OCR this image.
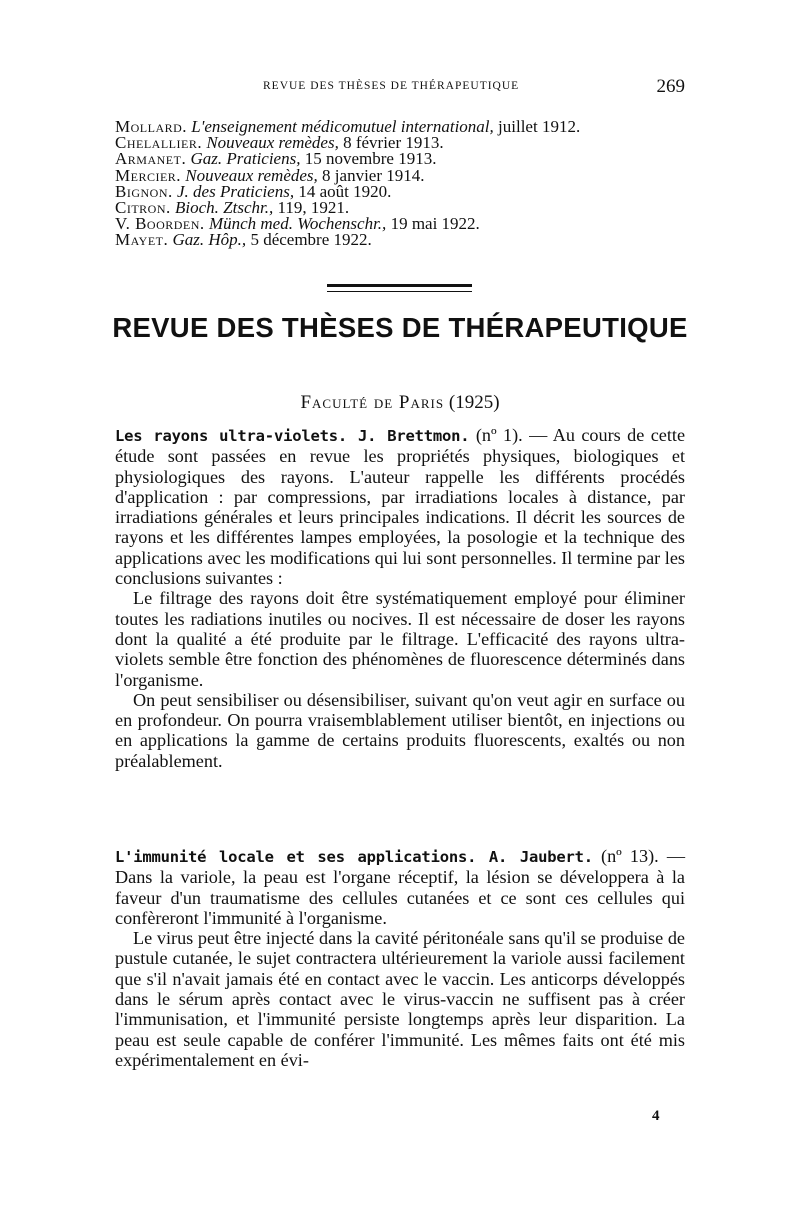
REVUE DES THÈSES DE THÉRAPEUTIQUE	269
Mollard. L'enseignement médicomutuel international, juillet 1912.
Chelallier. Nouveaux remèdes, 8 février 1913.
Armanet. Gaz. Praticiens, 15 novembre 1913.
Mercier. Nouveaux remèdes, 8 janvier 1914.
Bignon. J. des Praticiens, 14 août 1920.
Citron. Bioch. Ztschr., 119, 1921.
V. Boorden. Münch med. Wochenschr., 19 mai 1922.
Mayet. Gaz. Hôp., 5 décembre 1922.
REVUE DES THÈSES DE THÉRAPEUTIQUE
Faculté de Paris (1925)

Les rayons ultra-violets. J. Brettmon. (nº 1). — Au cours de cette étude sont passées en revue les propriétés physiques, biologiques et physiologiques des rayons. L'auteur rappelle les différents procédés d'application : par compressions, par irradiations locales à distance, par irradiations générales et leurs principales indications. Il décrit les sources de rayons et les différentes lampes employées, la posologie et la technique des applications avec les modifications qui lui sont personnelles. Il termine par les conclusions suivantes :

Le filtrage des rayons doit être systématiquement employé pour éliminer toutes les radiations inutiles ou nocives. Il est nécessaire de doser les rayons dont la qualité a été produite par le filtrage. L'efficacité des rayons ultra-violets semble être fonction des phénomènes de fluorescence déterminés dans l'organisme.

On peut sensibiliser ou désensibiliser, suivant qu'on veut agir en surface ou en profondeur. On pourra vraisemblablement utiliser bientôt, en injections ou en applications la gamme de certains produits fluorescents, exaltés ou non préalablement.

L'immunité locale et ses applications. A. Jaubert. (nº 13). — Dans la variole, la peau est l'organe réceptif, la lésion se développera à la faveur d'un traumatisme des cellules cutanées et ce sont ces cellules qui confèreront l'immunité à l'organisme.

Le virus peut être injecté dans la cavité péritonéale sans qu'il se produise de pustule cutanée, le sujet contractera ultérieurement la variole aussi facilement que s'il n'avait jamais été en contact avec le vaccin. Les anticorps développés dans le sérum après contact avec le virus-vaccin ne suffisent pas à créer l'immunisation, et l'immunité persiste longtemps après leur disparition. La peau est seule capable de conférer l'immunité. Les mêmes faits ont été mis expérimentalement en évi-

4
